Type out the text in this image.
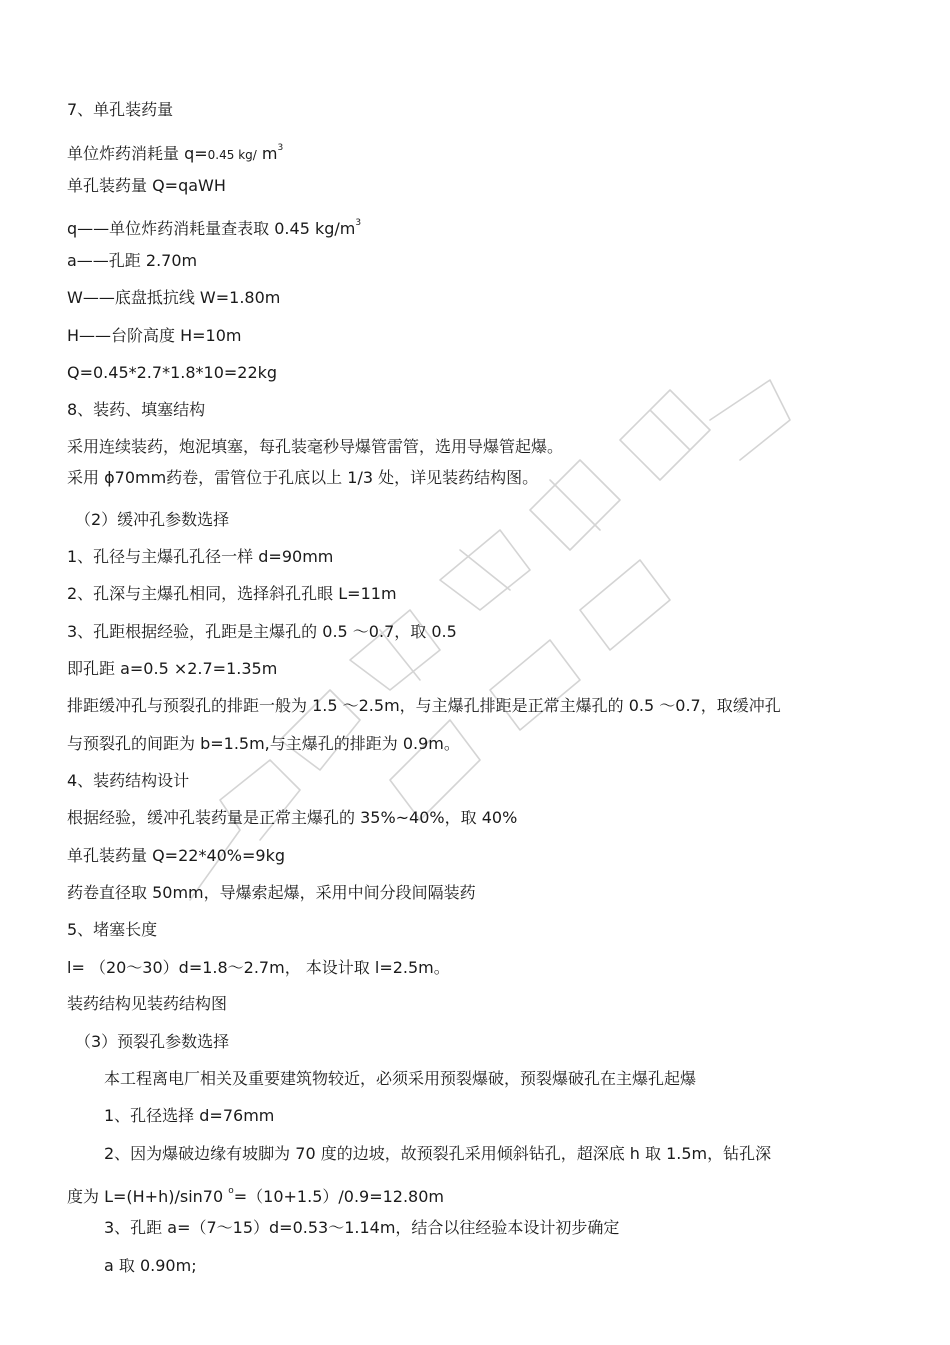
7、单孔装药量
单位炸药消耗量 q=0.45 kg/ $m^3$
单孔装药量 Q=qaWH
q——单位炸药消耗量查表取 0.45 $kg/m^3$
a——孔距 2.70m
W——底盘抵抗线 W=1.80m
H——台阶高度 H=10m
Q=0.45*2.7*1.8*10=22kg
8、装药、填塞结构
采用连续装药，炮泥填塞，每孔装毫秒导爆管雷管，选用导爆管起爆。
采用 ϕ70mm药卷，雷管位于孔底以上 1/3 处，详见装药结构图。
（2）缓冲孔参数选择
1、孔径与主爆孔孔径一样 d=90mm
2、孔深与主爆孔相同，选择斜孔孔眼 L=11m
3、孔距根据经验，孔距是主爆孔的 0.5 ～0.7，取 0.5
即孔距 a=0.5 ×2.7=1.35m
排距缓冲孔与预裂孔的排距一般为 1.5 ～2.5m，与主爆孔排距是正常主爆孔的 0.5 ～0.7，取缓冲孔
与预裂孔的间距为 b=1.5m,与主爆孔的排距为 0.9m。
4、装药结构设计
根据经验，缓冲孔装药量是正常主爆孔的 35%~40%，取 40%
单孔装药量 Q=22*40%=9kg
药卷直径取 50mm，导爆索起爆，采用中间分段间隔装药
5、堵塞长度
l= （20～30）d=1.8～2.7m， 本设计取 l=2.5m。
装药结构见装药结构图
（3）预裂孔参数选择
本工程离电厂相关及重要建筑物较近，必须采用预裂爆破，预裂爆破孔在主爆孔起爆
1、孔径选择 d=76mm
2、因为爆破边缘有坡脚为 70 度的边坡，故预裂孔采用倾斜钻孔，超深底 h 取 1.5m，钻孔深
度为 L=(H+h)/sin70 $^o$=（10+1.5）/0.9=12.80m
3、孔距 a=（7～15）d=0.53～1.14m，结合以往经验本设计初步确定
a 取 0.90m;
